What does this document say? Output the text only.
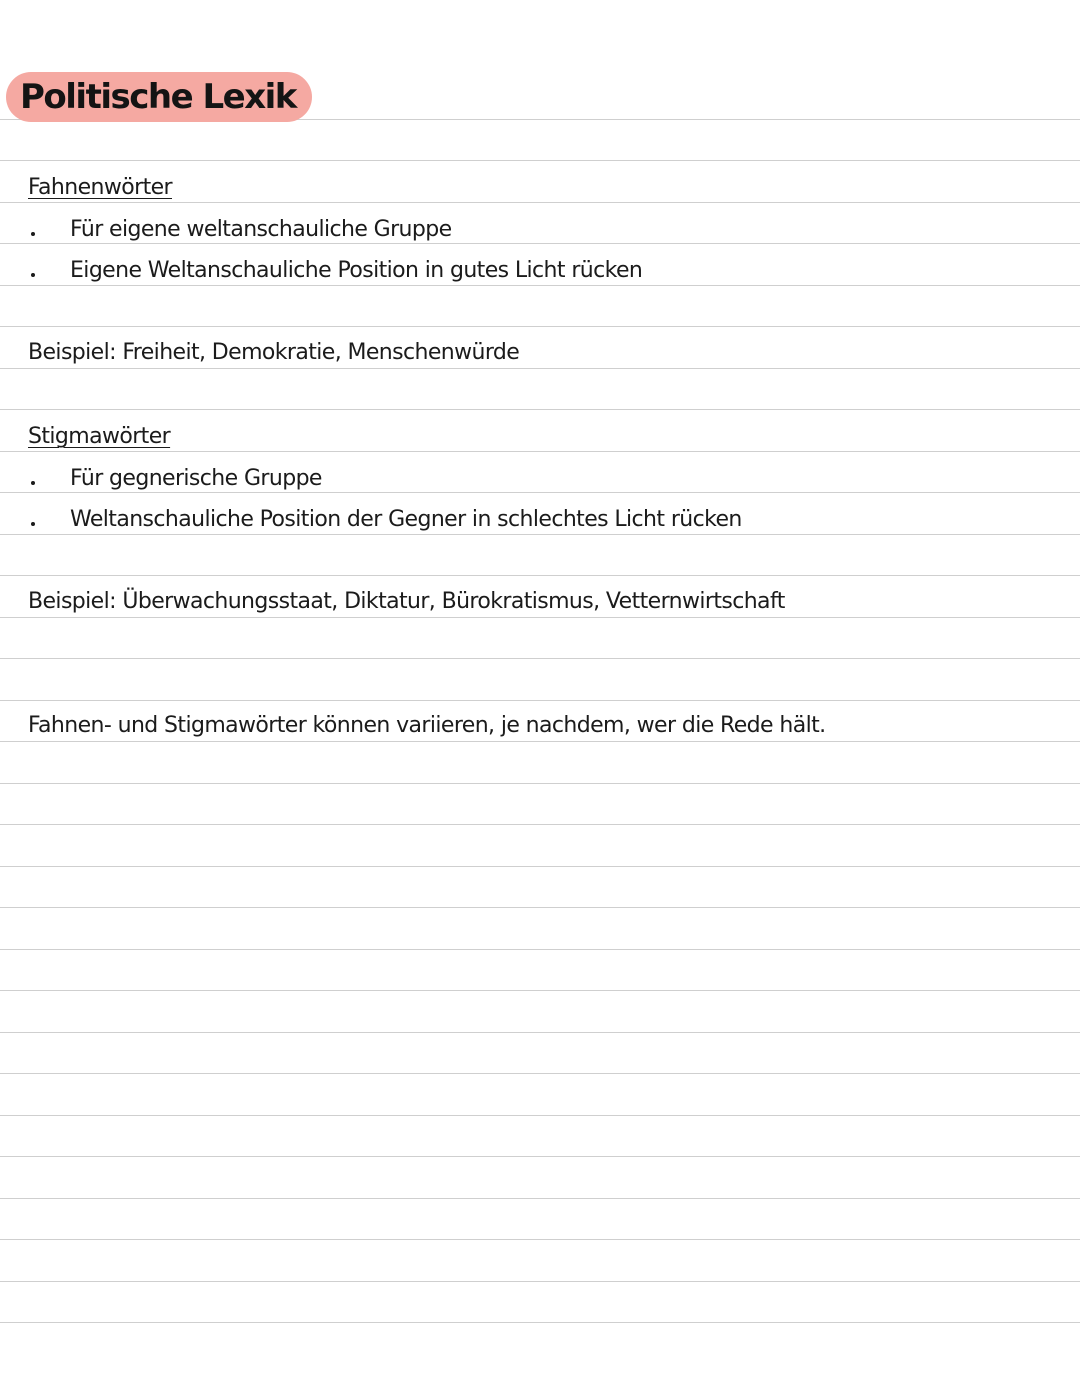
Politische Lexik
Fahnenwörter
Für eigene weltanschauliche Gruppe
Eigene Weltanschauliche Position in gutes Licht rücken
Beispiel: Freiheit, Demokratie, Menschenwürde
Stigmawörter
Für gegnerische Gruppe
Weltanschauliche Position der Gegner in schlechtes Licht rücken
Beispiel: Überwachungsstaat, Diktatur, Bürokratismus, Vetternwirtschaft
Fahnen- und Stigmawörter können variieren, je nachdem, wer die Rede hält.
